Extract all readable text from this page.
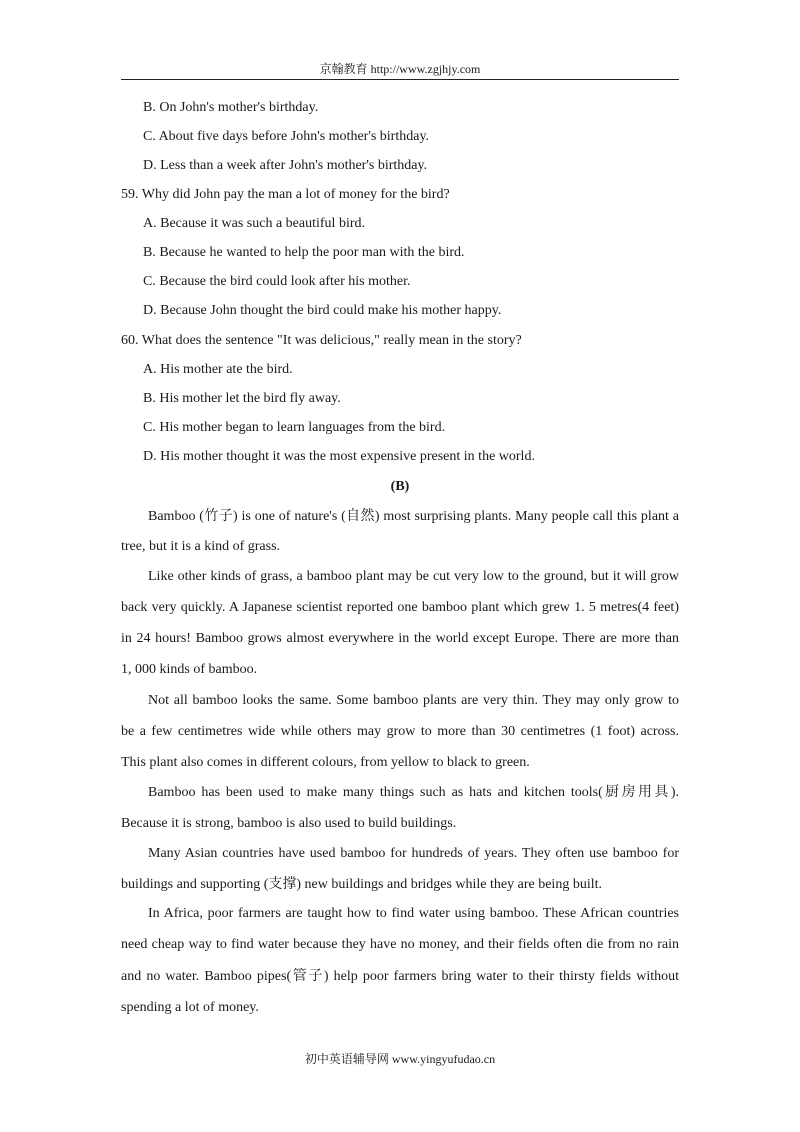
京翰教育 http://www.zgjhjy.com
B. On John's mother's birthday.
C. About five days before John's mother's birthday.
D. Less than a week after John's mother's birthday.
59. Why did John pay the man a lot of money for the bird?
A. Because it was such a beautiful bird.
B. Because he wanted to help the poor man with the bird.
C. Because the bird could look after his mother.
D. Because John thought the bird could make his mother happy.
60. What does the sentence "It was delicious," really mean in the story?
A. His mother ate the bird.
B. His mother let the bird fly away.
C. His mother began to learn languages from the bird.
D. His mother thought it was the most expensive present in the world.
(B)
Bamboo (竹子) is one of nature's (自然) most surprising plants. Many people call this plant a
tree, but it is a kind of grass.
Like other kinds of grass, a bamboo plant may be cut very low to the ground, but it will grow
back very quickly. A Japanese scientist reported one bamboo plant which grew 1. 5 metres(4 feet)
in 24 hours! Bamboo grows almost everywhere in the world except Europe. There are more than
1, 000 kinds of bamboo.
Not all bamboo looks the same. Some bamboo plants are very thin. They may only grow to
be a few centimetres wide while others may grow to more than 30 centimetres (1 foot) across.
This plant also comes in different colours, from yellow to black to green.
Bamboo has been used to make many things such as hats and kitchen tools(厨房用具).
Because it is strong, bamboo is also used to build buildings.
Many Asian countries have used bamboo for hundreds of years. They often use bamboo for
buildings and supporting (支撑) new buildings and bridges while they are being built.
In Africa, poor farmers are taught how to find water using bamboo. These African countries
need cheap way to find water because they have no money, and their fields often die from no rain
and no water. Bamboo pipes(管子) help poor farmers bring water to their thirsty fields without
spending a lot of money.
初中英语辅导网 www.yingyufudao.cn
